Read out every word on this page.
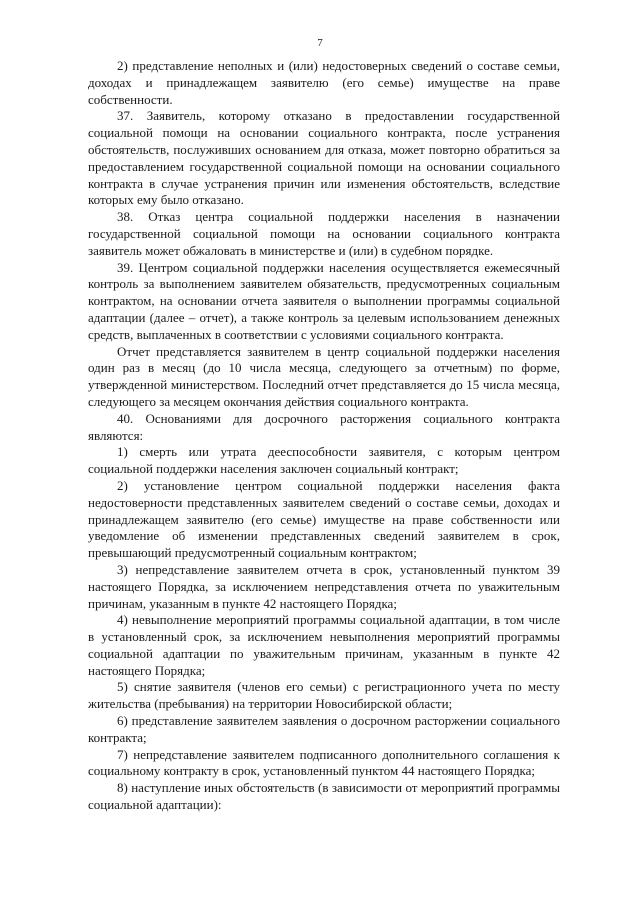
7

2) представление неполных и (или) недостоверных сведений о составе семьи, доходах и принадлежащем заявителю (его семье) имуществе на праве собственности.

37. Заявитель, которому отказано в предоставлении государственной социальной помощи на основании социального контракта, после устранения обстоятельств, послуживших основанием для отказа, может повторно обратиться за предоставлением государственной социальной помощи на основании социального контракта в случае устранения причин или изменения обстоятельств, вследствие которых ему было отказано.

38. Отказ центра социальной поддержки населения в назначении государственной социальной помощи на основании социального контракта заявитель может обжаловать в министерстве и (или) в судебном порядке.

39. Центром социальной поддержки населения осуществляется ежемесячный контроль за выполнением заявителем обязательств, предусмотренных социальным контрактом, на основании отчета заявителя о выполнении программы социальной адаптации (далее – отчет), а также контроль за целевым использованием денежных средств, выплаченных в соответствии с условиями социального контракта.

Отчет представляется заявителем в центр социальной поддержки населения один раз в месяц (до 10 числа месяца, следующего за отчетным) по форме, утвержденной министерством. Последний отчет представляется до 15 числа месяца, следующего за месяцем окончания действия социального контракта.

40. Основаниями для досрочного расторжения социального контракта являются:

1) смерть или утрата дееспособности заявителя, с которым центром социальной поддержки населения заключен социальный контракт;

2) установление центром социальной поддержки населения факта недостоверности представленных заявителем сведений о составе семьи, доходах и принадлежащем заявителю (его семье) имуществе на праве собственности или уведомление об изменении представленных сведений заявителем в срок, превышающий предусмотренный социальным контрактом;

3) непредставление заявителем отчета в срок, установленный пунктом 39 настоящего Порядка, за исключением непредставления отчета по уважительным причинам, указанным в пункте 42 настоящего Порядка;

4) невыполнение мероприятий программы социальной адаптации, в том числе в установленный срок, за исключением невыполнения мероприятий программы социальной адаптации по уважительным причинам, указанным в пункте 42 настоящего Порядка;

5) снятие заявителя (членов его семьи) с регистрационного учета по месту жительства (пребывания) на территории Новосибирской области;

6) представление заявителем заявления о досрочном расторжении социального контракта;

7) непредставление заявителем подписанного дополнительного соглашения к социальному контракту в срок, установленный пунктом 44 настоящего Порядка;

8) наступление иных обстоятельств (в зависимости от мероприятий программы социальной адаптации):
